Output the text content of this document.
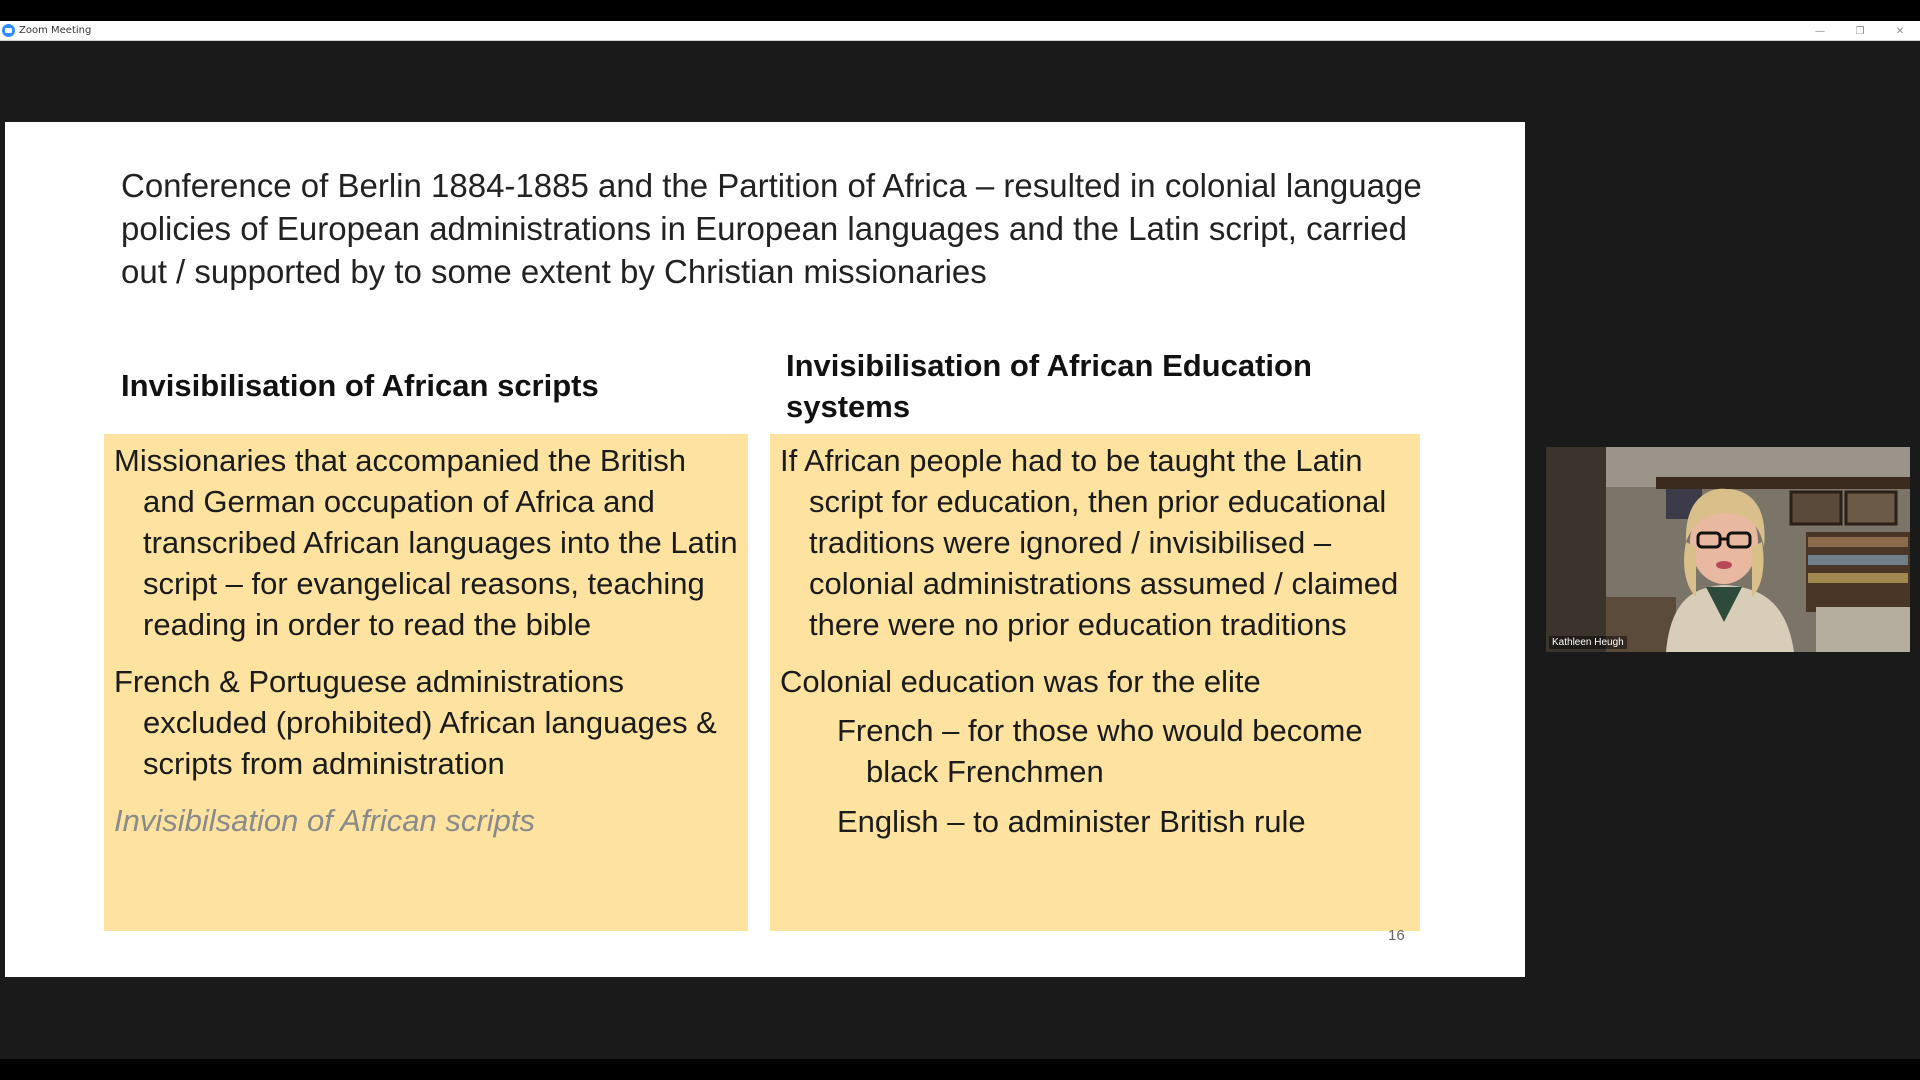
Zoom Meeting	—	❐	✕
Conference of Berlin 1884-1885 and the Partition of Africa – resulted in colonial language policies of European administrations in European languages and the Latin script, carried out / supported by to some extent by Christian missionaries
Invisibilisation of African scripts
Invisibilisation of African Education systems
Missionaries that accompanied the British and German occupation of Africa and transcribed African languages into the Latin script – for evangelical reasons, teaching reading in order to read the bible
French & Portuguese administrations excluded (prohibited) African languages & scripts from administration
Invisibilsation of African scripts
If African people had to be taught the Latin script for education, then prior educational traditions were ignored / invisibilised – colonial administrations assumed / claimed there were no prior education traditions
Colonial education was for the elite
French – for those who would become black Frenchmen
English – to administer British rule
16
Kathleen Heugh
